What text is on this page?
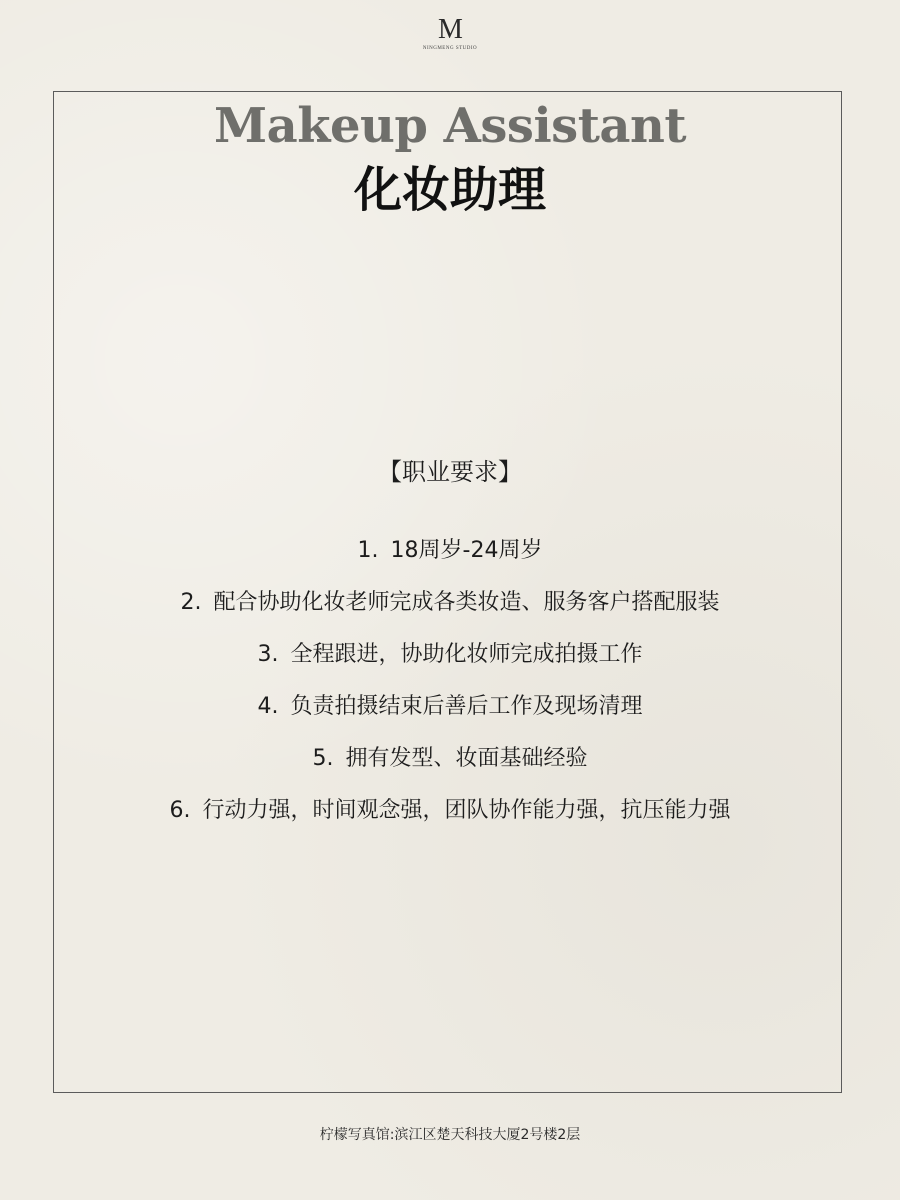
M
NINGMENG STUDIO
Makeup Assistant
化妆助理
【职业要求】
1. 18周岁-24周岁
2. 配合协助化妆老师完成各类妆造、服务客户搭配服装
3. 全程跟进，协助化妆师完成拍摄工作
4. 负责拍摄结束后善后工作及现场清理
5. 拥有发型、妆面基础经验
6. 行动力强，时间观念强，团队协作能力强，抗压能力强
柠檬写真馆:滨江区楚天科技大厦2号楼2层
